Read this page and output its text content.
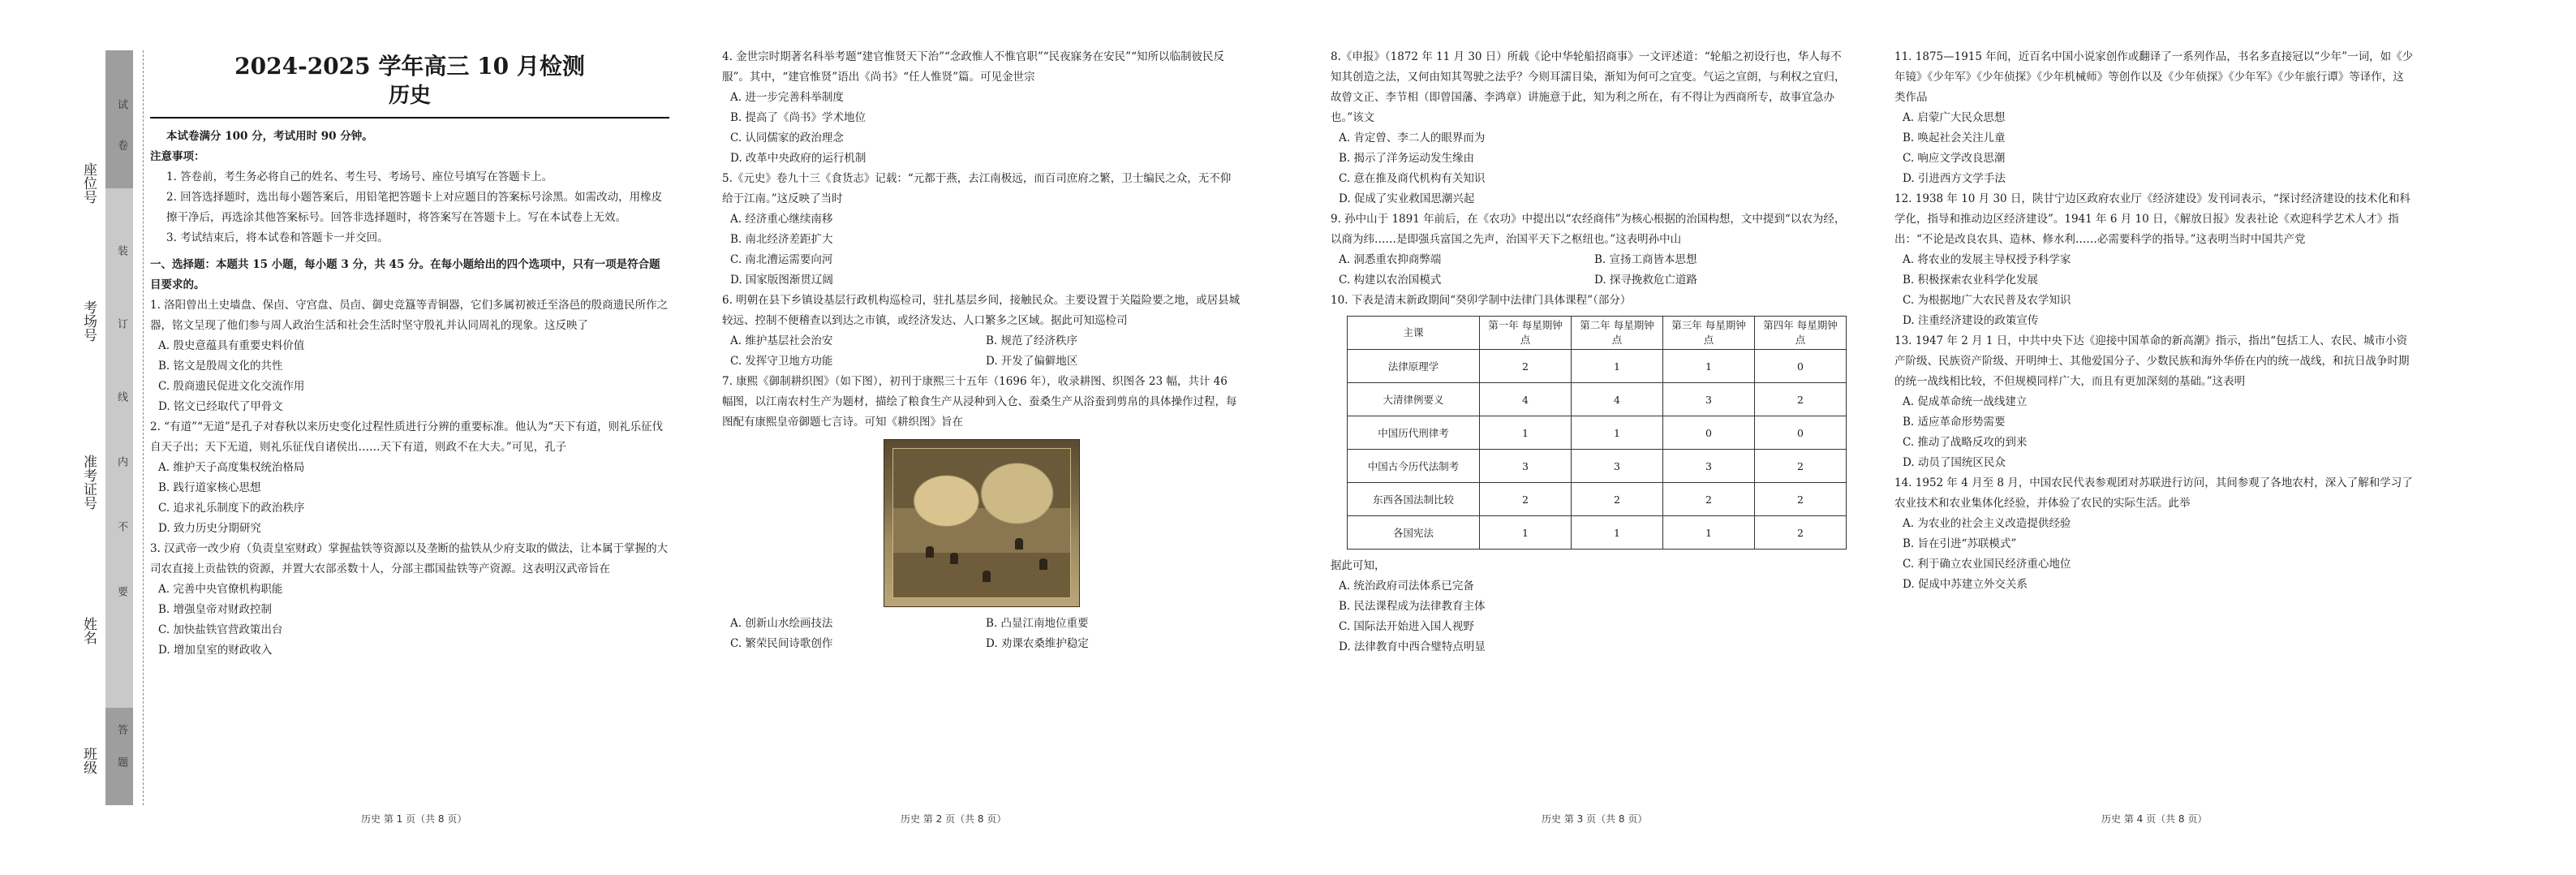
座位号
考场号
准考证号
姓名
班级
试
卷
装
订
线
内
不
要
答
题
2024-2025 学年高三 10 月检测
历史

本试卷满分 100 分，考试用时 90 分钟。

注意事项：

1. 答卷前，考生务必将自己的姓名、考生号、考场号、座位号填写在答题卡上。

2. 回答选择题时，选出每小题答案后，用铅笔把答题卡上对应题目的答案标号涂黑。如需改动，用橡皮擦干净后，再选涂其他答案标号。回答非选择题时，将答案写在答题卡上。写在本试卷上无效。

3. 考试结束后，将本试卷和答题卡一并交回。

一、选择题：本题共 15 小题，每小题 3 分，共 45 分。在每小题给出的四个选项中，只有一项是符合题目要求的。

1. 洛阳曾出土史墙盘、保卣、守宫盘、员卣、御史竞簋等青铜器，它们多属初被迁至洛邑的殷商遗民所作之器，铭文呈现了他们参与周人政治生活和社会生活时坚守殷礼并认同周礼的现象。这反映了

A. 殷史意蕴具有重要史料价值

B. 铭文是殷周文化的共性

C. 殷商遗民促进文化交流作用

D. 铭文已经取代了甲骨文

2. “有道”“无道”是孔子对春秋以来历史变化过程性质进行分辨的重要标准。他认为“天下有道，则礼乐征伐自天子出；天下无道，则礼乐征伐自诸侯出……天下有道，则政不在大夫。”可见，孔子

A. 维护天子高度集权统治格局

B. 践行道家核心思想

C. 追求礼乐制度下的政治秩序

D. 致力历史分期研究

3. 汉武帝一改少府（负责皇室财政）掌握盐铁等资源以及垄断的盐铁从少府支取的做法，让本属于掌握的大司农直接上贡盐铁的资源，并置大农部丞数十人，分部主郡国盐铁等产资源。这表明汉武帝旨在

A. 完善中央官僚机构职能

B. 增强皇帝对财政控制

C. 加快盐铁官营政策出台

D. 增加皇室的财政收入

历史 第 1 页（共 8 页）

4. 金世宗时期著名科举考题“建官惟贤天下治”“念政惟人不惟官职”“民夜寐务在安民”“知所以临制彼民反服”。其中，“建官惟贤”语出《尚书》“任人惟贤”篇。可见金世宗

A. 进一步完善科举制度

B. 提高了《尚书》学术地位

C. 认同儒家的政治理念

D. 改革中央政府的运行机制

5.《元史》卷九十三《食货志》记载：“元都于燕，去江南极远，而百司庶府之繁，卫士编民之众，无不仰给于江南。”这反映了当时

A. 经济重心继续南移

B. 南北经济差距扩大

C. 南北漕运需要向河

D. 国家版图渐贯辽阔

6. 明朝在县下乡镇设基层行政机构巡检司，驻扎基层乡间，接触民众。主要设置于关隘险要之地，或居县城较远、控制不便稽查以到达之市镇，或经济发达、人口繁多之区域。据此可知巡检司

A. 维护基层社会治安	B. 规范了经济秩序
C. 发挥守卫地方功能	D. 开发了偏僻地区

7. 康熙《御制耕织图》（如下图），初刊于康熙三十五年（1696 年），收录耕图、织图各 23 幅，共计 46 幅图，以江南农村生产为题材，描绘了粮食生产从浸种到入仓、蚕桑生产从浴蚕到剪帛的具体操作过程，每图配有康熙皇帝御题七言诗。可知《耕织图》旨在

A. 创新山水绘画技法	B. 凸显江南地位重要
C. 繁荣民间诗歌创作	D. 劝课农桑维护稳定
历史 第 2 页（共 8 页）

8.《申报》（1872 年 11 月 30 日）所载《论中华轮船招商事》一文评述道：“轮船之初设行也，华人每不知其创造之法，又何由知其驾驶之法乎？今则耳濡目染，渐知为何可之宜变。气运之宣朗，与利权之宜归，故曾文正、李节相（即曾国藩、李鸿章）讲施意于此，知为利之所在，有不得让为西商所专，故事宜急办也。”该文

A. 肯定曾、李二人的眼界而为

B. 揭示了洋务运动发生缘由

C. 意在推及商代机构有关知识

D. 促成了实业救国思潮兴起

9. 孙中山于 1891 年前后，在《农功》中提出以“农经商伟”为核心根据的治国构想，文中提到“以农为经，以商为纬……是即强兵富国之先声，治国平天下之枢纽也。”这表明孙中山

A. 洞悉重农抑商弊端	B. 宣扬工商皆本思想
C. 构建以农治国模式	D. 探寻挽救危亡道路

10. 下表是清末新政期间“癸卯学制中法律门具体课程”（部分）

主课	第一年 每星期钟点	第二年 每星期钟点	第三年 每星期钟点	第四年 每星期钟点
法律原理学	2	1	1	0
大清律例要义	4	4	3	2
中国历代刑律考	1	1	0	0
中国古今历代法制考	3	3	3	2
东西各国法制比较	2	2	2	2
各国宪法	1	1	1	2

据此可知，

A. 统治政府司法体系已完备

B. 民法课程成为法律教育主体

C. 国际法开始进入国人视野

D. 法律教育中西合璧特点明显

历史 第 3 页（共 8 页）

11. 1875—1915 年间，近百名中国小说家创作或翻译了一系列作品，书名多直接冠以“少年”一词，如《少年镜》《少年军》《少年侦探》《少年机械师》等创作以及《少年侦探》《少年军》《少年旅行谭》等译作，这类作品

A. 启蒙广大民众思想

B. 唤起社会关注儿童

C. 响应文学改良思潮

D. 引进西方文学手法

12. 1938 年 10 月 30 日，陕甘宁边区政府农业厅《经济建设》发刊词表示，“探讨经济建设的技术化和科学化，指导和推动边区经济建设”。1941 年 6 月 10 日，《解放日报》发表社论《欢迎科学艺术人才》指出：“不论是改良农具、造林、修水利……必需要科学的指导。”这表明当时中国共产党

A. 将农业的发展主导权授予科学家

B. 积极探索农业科学化发展

C. 为根据地广大农民普及农学知识

D. 注重经济建设的政策宣传

13. 1947 年 2 月 1 日，中共中央下达《迎接中国革命的新高潮》指示，指出“包括工人、农民、城市小资产阶级、民族资产阶级、开明绅士、其他爱国分子、少数民族和海外华侨在内的统一战线，和抗日战争时期的统一战线相比较，不但规模同样广大，而且有更加深刻的基础。”这表明

A. 促成革命统一战线建立

B. 适应革命形势需要

C. 推动了战略反攻的到来

D. 动员了国统区民众

14. 1952 年 4 月至 8 月，中国农民代表参观团对苏联进行访问，其间参观了各地农村，深入了解和学习了农业技术和农业集体化经验，并体验了农民的实际生活。此举

A. 为农业的社会主义改造提供经验

B. 旨在引进“苏联模式”

C. 利于确立农业国民经济重心地位

D. 促成中苏建立外交关系

历史 第 4 页（共 8 页）
